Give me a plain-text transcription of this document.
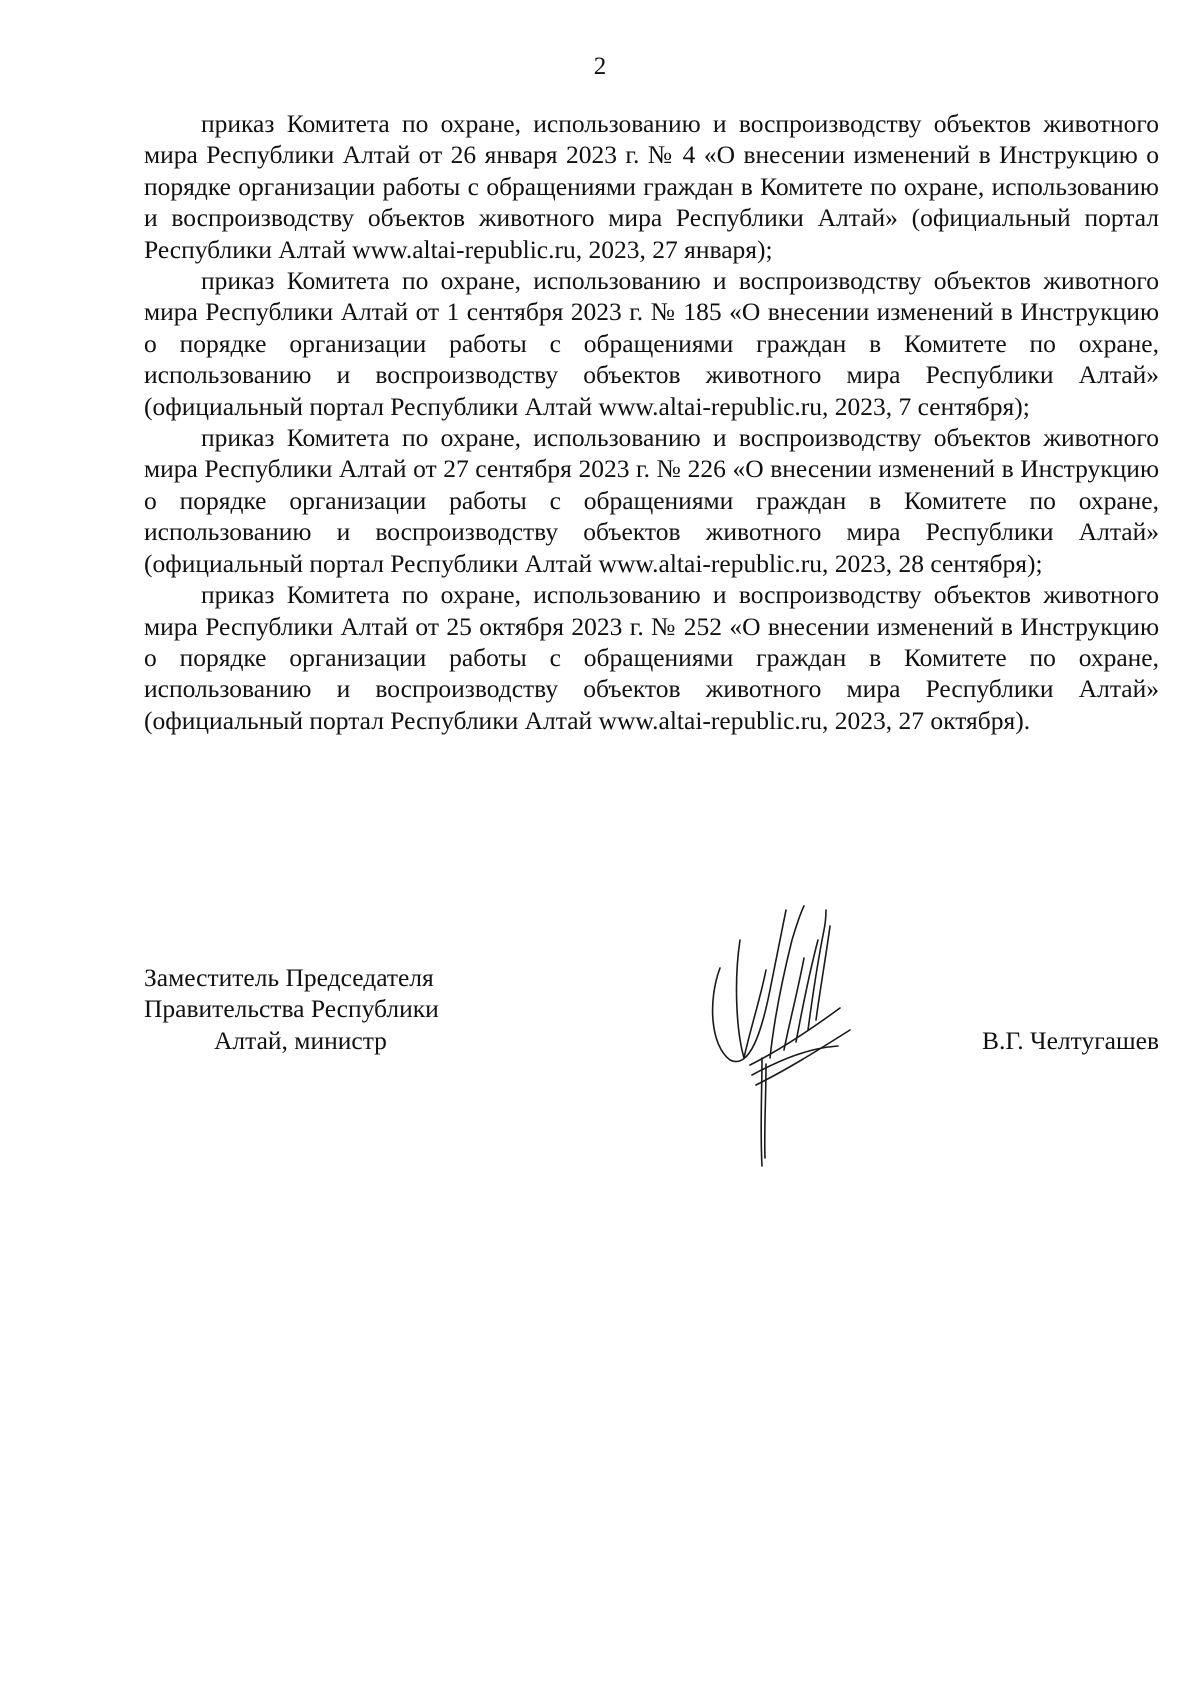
2

приказ Комитета по охране, использованию и воспроизводству объектов животного мира Республики Алтай от 26 января 2023 г. № 4 «О внесении изменений в Инструкцию о порядке организации работы с обращениями граждан в Комитете по охране, использованию и воспроизводству объектов животного мира Республики Алтай» (официальный портал Республики Алтай www.altai-republic.ru, 2023, 27 января);

приказ Комитета по охране, использованию и воспроизводству объектов животного мира Республики Алтай от 1 сентября 2023 г. № 185 «О внесении изменений в Инструкцию о порядке организации работы с обращениями граждан в Комитете по охране, использованию и воспроизводству объектов животного мира Республики Алтай» (официальный портал Республики Алтай www.altai-republic.ru, 2023, 7 сентября);

приказ Комитета по охране, использованию и воспроизводству объектов животного мира Республики Алтай от 27 сентября 2023 г. № 226 «О внесении изменений в Инструкцию о порядке организации работы с обращениями граждан в Комитете по охране, использованию и воспроизводству объектов животного мира Республики Алтай» (официальный портал Республики Алтай www.altai-republic.ru, 2023, 28 сентября);

приказ Комитета по охране, использованию и воспроизводству объектов животного мира Республики Алтай от 25 октября 2023 г. № 252 «О внесении изменений в Инструкцию о порядке организации работы с обращениями граждан в Комитете по охране, использованию и воспроизводству объектов животного мира Республики Алтай» (официальный портал Республики Алтай www.altai-republic.ru, 2023, 27 октября).

Заместитель Председателя
Правительства Республики
Алтай, министр	В.Г. Челтугашев
